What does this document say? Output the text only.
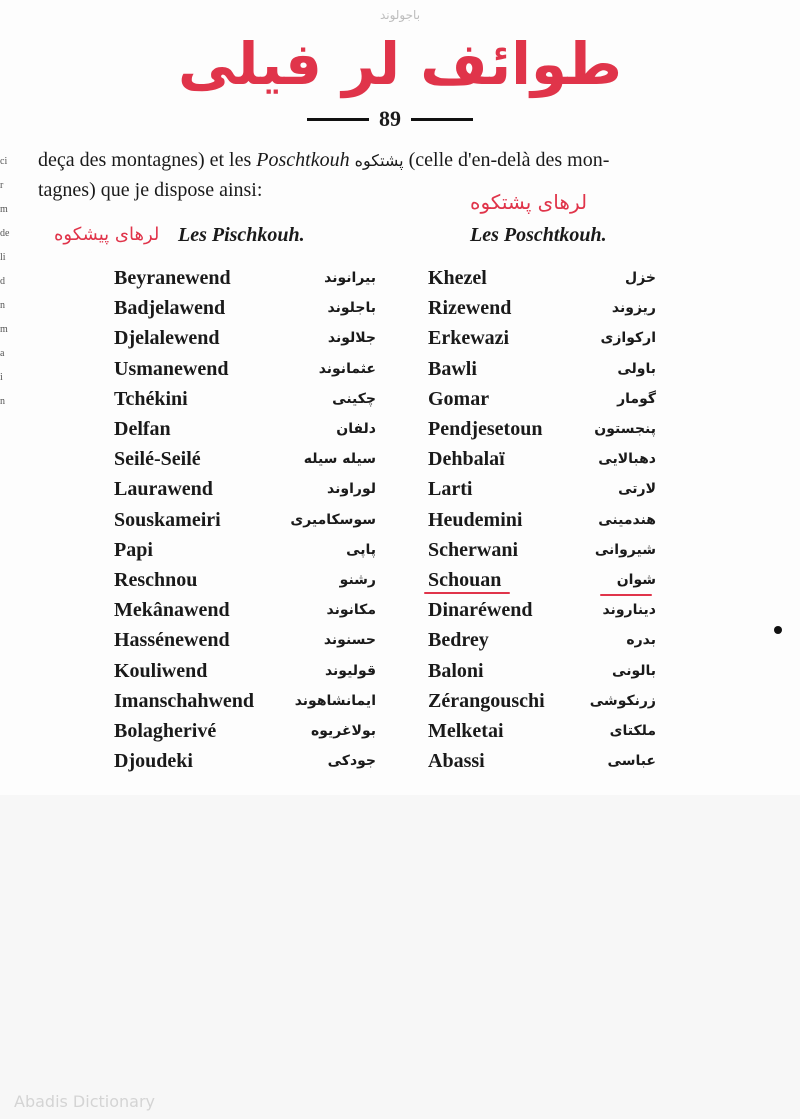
باجولوند
طوائف لر فیلی
89
ci
r
m
de
li
d
n
m
a
i
n
deça des montagnes) et les Poschtkouh پشتکوه (celle d'en-delà des mon-
tagnes) que je dispose ainsi:	لرهای پشتکوه
لرهای پیشکوه Les Pischkouh.	Les Poschtkouh.
Beyranewend	بیرانوند
Badjelawend	باجلوند
Djelalewend	جلالوند
Usmanewend	عثمانوند
Tchékini	چکینی
Delfan	دلفان
Seilé-Seilé	سیله سیله
Laurawend	لوراوند
Souskameiri	سوسکامیری
Papi	پاپی
Reschnou	رشنو
Mekânawend	مکانوند
Hassénewend	حسنوند
Kouliwend	قولیوند
Imanschahwend	ایمانشاهوند
Bolagherivé	بولاغریوه
Djoudeki	جودکی
Khezel	خزل
Rizewend	ریزوند
Erkewazi	ارکوازی
Bawli	باولی
Gomar	گومار
Pendjesetoun	پنجستون
Dehbalaï	دهبالایی
Larti	لارتی
Heudemini	هندمینی
Scherwani	شیروانی
Schouan	شوان
Dinaréwend	دیناروند
Bedrey	بدره
Baloni	بالونی
Zérangouschi	زرنکوشی
Melketai	ملکتای
Abassi	عباسی
Abadis Dictionary
